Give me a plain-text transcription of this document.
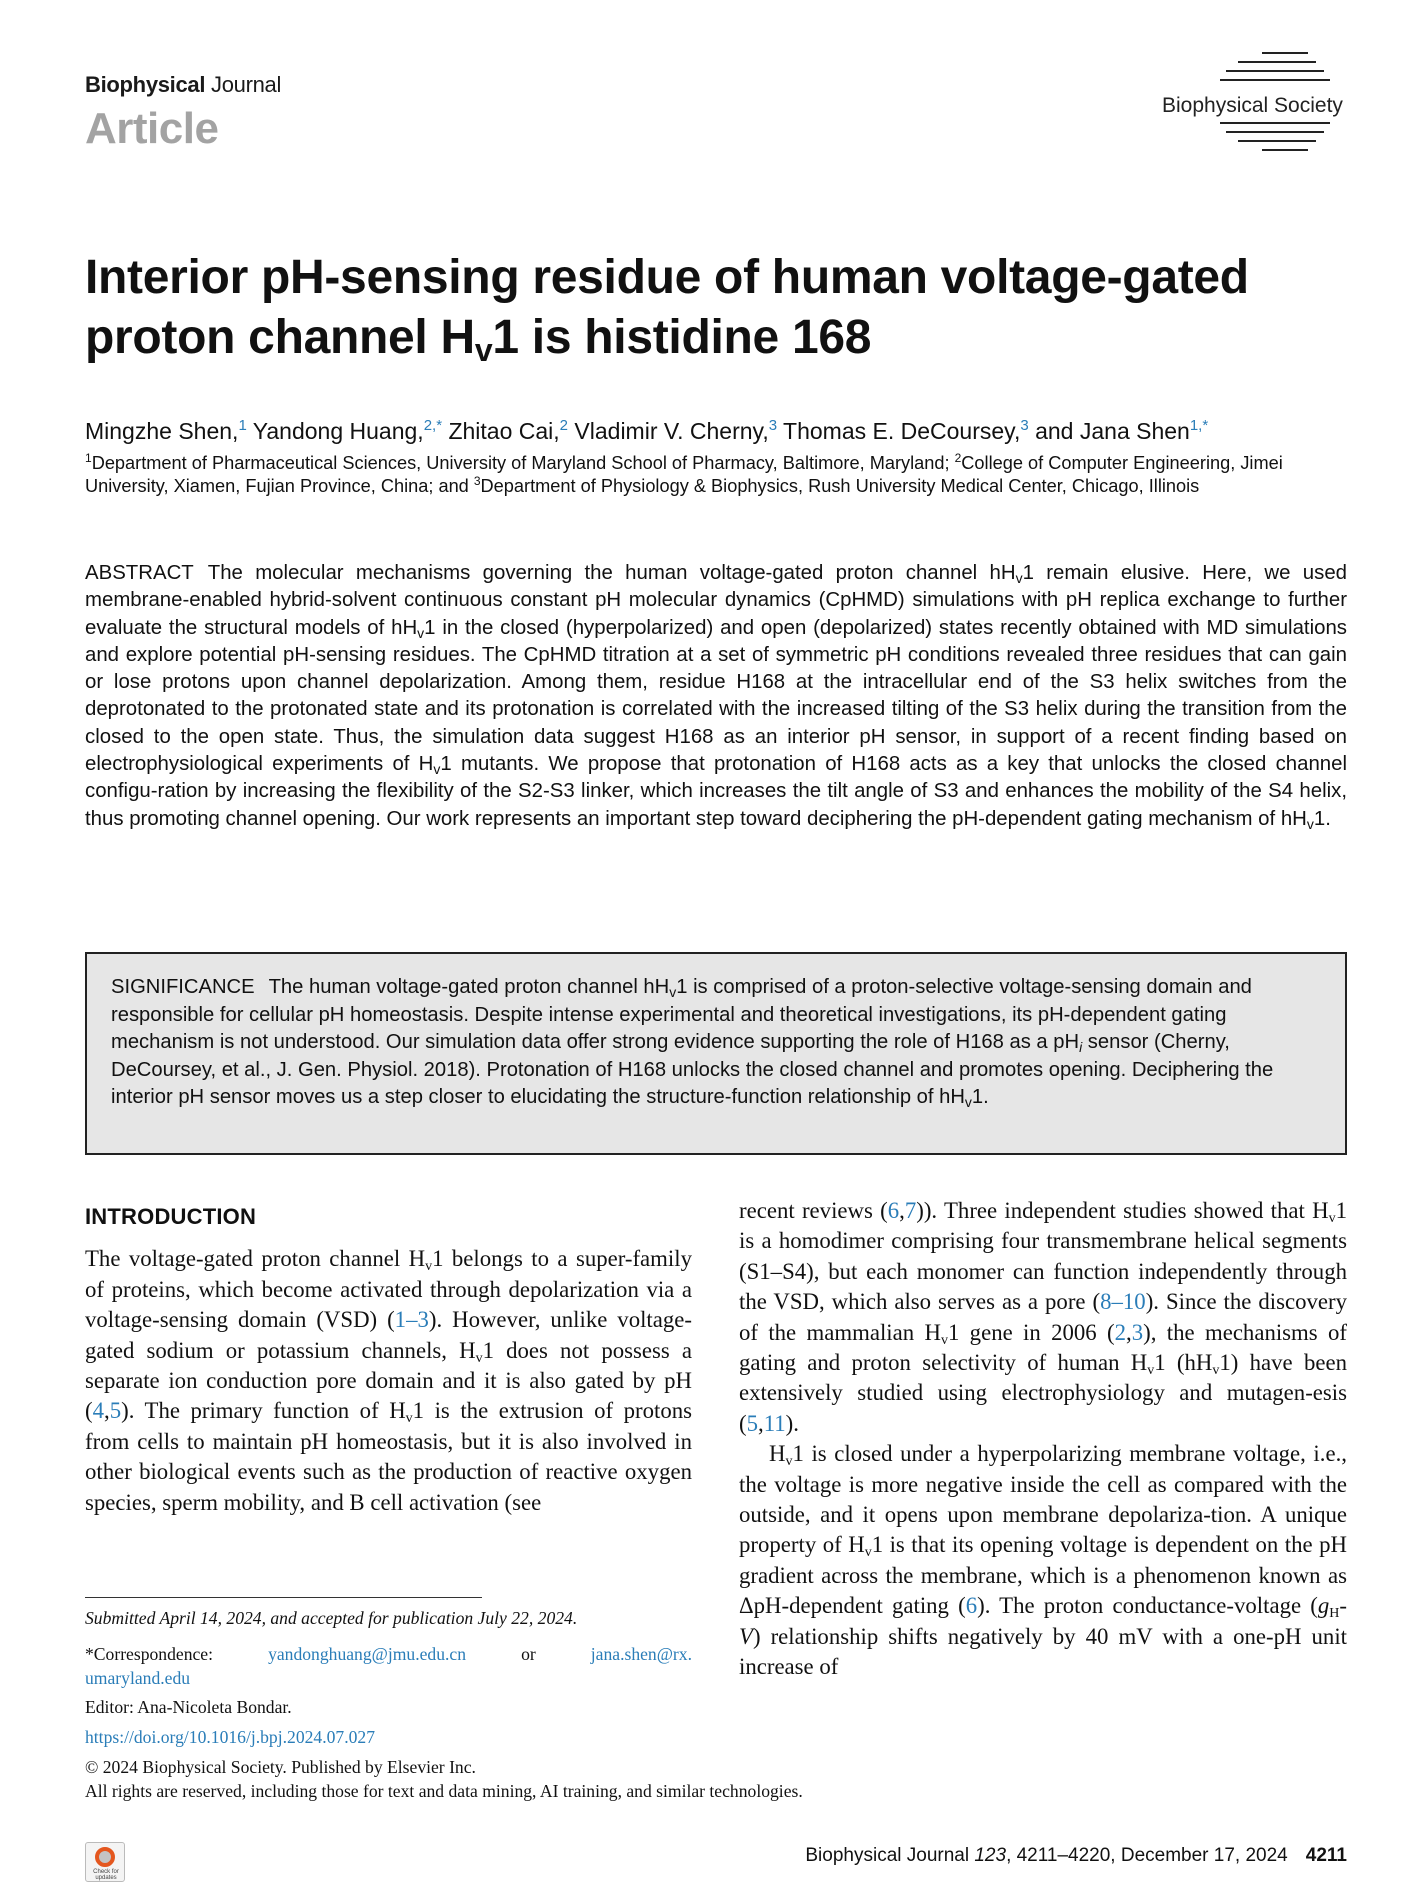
Biophysical Journal
Article	Biophysical Society
Interior pH-sensing residue of human voltage-gated
proton channel $H_v1$ is histidine 168
Mingzhe Shen,$^1$ Yandong Huang,$^{2,*}$ Zhitao Cai,$^2$ Vladimir V. Cherny,$^3$ Thomas E. DeCoursey,$^3$ and Jana Shen$^{1,*}$
$^1$Department of Pharmaceutical Sciences, University of Maryland School of Pharmacy, Baltimore, Maryland; $^2$College of Computer Engineering, Jimei University, Xiamen, Fujian Province, China; and $^3$Department of Physiology & Biophysics, Rush University Medical Center, Chicago, Illinois
ABSTRACT The molecular mechanisms governing the human voltage-gated proton channel $hH_v1$ remain elusive. Here, we used membrane-enabled hybrid-solvent continuous constant pH molecular dynamics (CpHMD) simulations with pH replica exchange to further evaluate the structural models of $hH_v1$ in the closed (hyperpolarized) and open (depolarized) states recently obtained with MD simulations and explore potential pH-sensing residues. The CpHMD titration at a set of symmetric pH conditions revealed three residues that can gain or lose protons upon channel depolarization. Among them, residue H168 at the intracellular end of the S3 helix switches from the deprotonated to the protonated state and its protonation is correlated with the increased tilting of the S3 helix during the transition from the closed to the open state. Thus, the simulation data suggest H168 as an interior pH sensor, in support of a recent finding based on electrophysiological experiments of $H_v1$ mutants. We propose that protonation of H168 acts as a key that unlocks the closed channel configu-ration by increasing the flexibility of the S2-S3 linker, which increases the tilt angle of S3 and enhances the mobility of the S4 helix, thus promoting channel opening. Our work represents an important step toward deciphering the pH-dependent gating mechanism of $hH_v1$.
SIGNIFICANCE The human voltage-gated proton channel $hH_v1$ is comprised of a proton-selective voltage-sensing domain and responsible for cellular pH homeostasis. Despite intense experimental and theoretical investigations, its pH-dependent gating mechanism is not understood. Our simulation data offer strong evidence supporting the role of H168 as a $pH_i$ sensor (Cherny, DeCoursey, et al., J. Gen. Physiol. 2018). Protonation of H168 unlocks the closed channel and promotes opening. Deciphering the interior pH sensor moves us a step closer to elucidating the structure-function relationship of $hH_v1$.
INTRODUCTION

The voltage-gated proton channel $H_v1$ belongs to a super-family of proteins, which become activated through depolarization via a voltage-sensing domain (VSD) (1–3). However, unlike voltage-gated sodium or potassium channels, $H_v1$ does not possess a separate ion conduction pore domain and it is also gated by pH (4,5). The primary function of $H_v1$ is the extrusion of protons from cells to maintain pH homeostasis, but it is also involved in other biological events such as the production of reactive oxygen species, sperm mobility, and B cell activation (see

recent reviews (6,7)). Three independent studies showed that $H_v1$ is a homodimer comprising four transmembrane helical segments (S1–S4), but each monomer can function independently through the VSD, which also serves as a pore (8–10). Since the discovery of the mammalian $H_v1$ gene in 2006 (2,3), the mechanisms of gating and proton selectivity of human $H_v1$ $(hH_v1)$ have been extensively studied using electrophysiology and mutagen-esis (5,11).

$H_v1$ is closed under a hyperpolarizing membrane voltage, i.e., the voltage is more negative inside the cell as compared with the outside, and it opens upon membrane depolariza-tion. A unique property of $H_v1$ is that its opening voltage is dependent on the pH gradient across the membrane, which is a phenomenon known as ΔpH-dependent gating (6). The proton conductance-voltage $(g_H-V)$ relationship shifts negatively by 40 mV with a one-pH unit increase of

Submitted April 14, 2024, and accepted for publication July 22, 2024.
*Correspondence:	yandonghuang@jmu.edu.cn	or	jana.shen@rx.
umaryland.edu
Editor: Ana-Nicoleta Bondar.
https://doi.org/10.1016/j.bpj.2024.07.027
© 2024 Biophysical Society. Published by Elsevier Inc.
All rights are reserved, including those for text and data mining, AI training, and similar technologies.
Check for updates
Biophysical Journal 123, 4211–4220, December 17, 2024 4211
